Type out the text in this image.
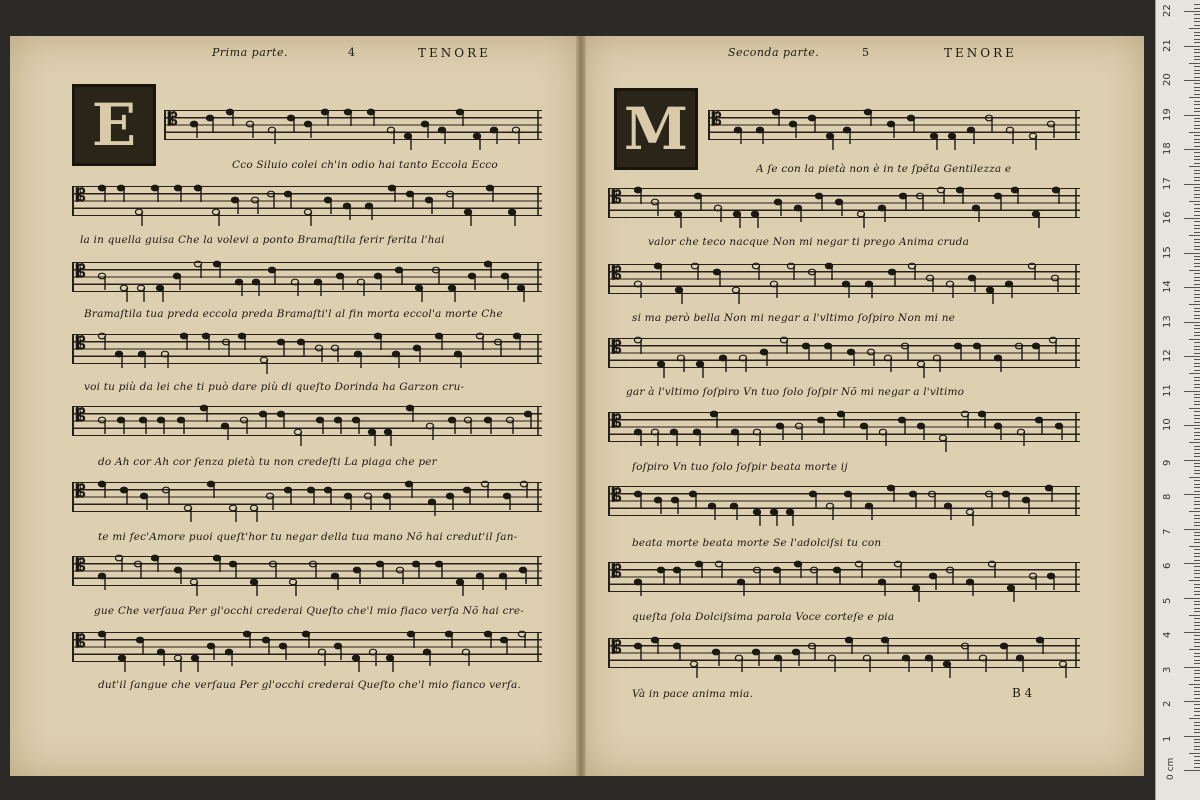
Prima parte.	4	TENORE	Seconda parte.	5	TENORE
E	M
𝄡
Cco Siluio colei ch'in odio hai tanto Eccola Ecco
𝄡
la in quella guisa Che la volevi a ponto Bramaſtila ferir ferita l'hai
𝄡
Bramaſtila tua preda eccola preda Bramaſti'l al fin morta eccol'a morte Che
𝄡
voi tu più da lei che ti può dare più di queſto Dorinda ha Garzon cru-
𝄡
do Ah cor Ah cor ſenza pietà tu non credeſti La piaga che per
𝄡
te mi fec'Amore puoi queſt'hor tu negar della tua mano Nõ hai credut'il ſan-
𝄡
gue Che verſaua Per gl'occhi crederai Queſto che'l mio fiaco verſa Nõ hai cre-
𝄡
dut'il ſangue che verſaua Per gl'occhi crederai Queſto che'l mio fianco verſa.
𝄡
A ſe con la pietà non è in te ſpẽta Gentilezza e
𝄡
valor che teco nacque Non mi negar ti prego Anima cruda
𝄡
si ma però bella Non mi negar a l'vltimo ſoſpiro Non mi ne
𝄡
gar à l'vltimo ſoſpiro Vn tuo ſolo ſoſpir Nõ mi negar a l'vltimo
𝄡
ſoſpiro Vn tuo ſolo ſoſpir beata morte ij
𝄡
beata morte beata morte Se l'adolciſsi tu con
𝄡
queſta ſola Dolciſsima parola Voce corteſe e pia
𝄡
Và in pace anima mia.	B 4
1
2
3
4
5
6
7
8
9
10
11
12
13
14
15
16
17
18
19
20
21
22
0 cm
